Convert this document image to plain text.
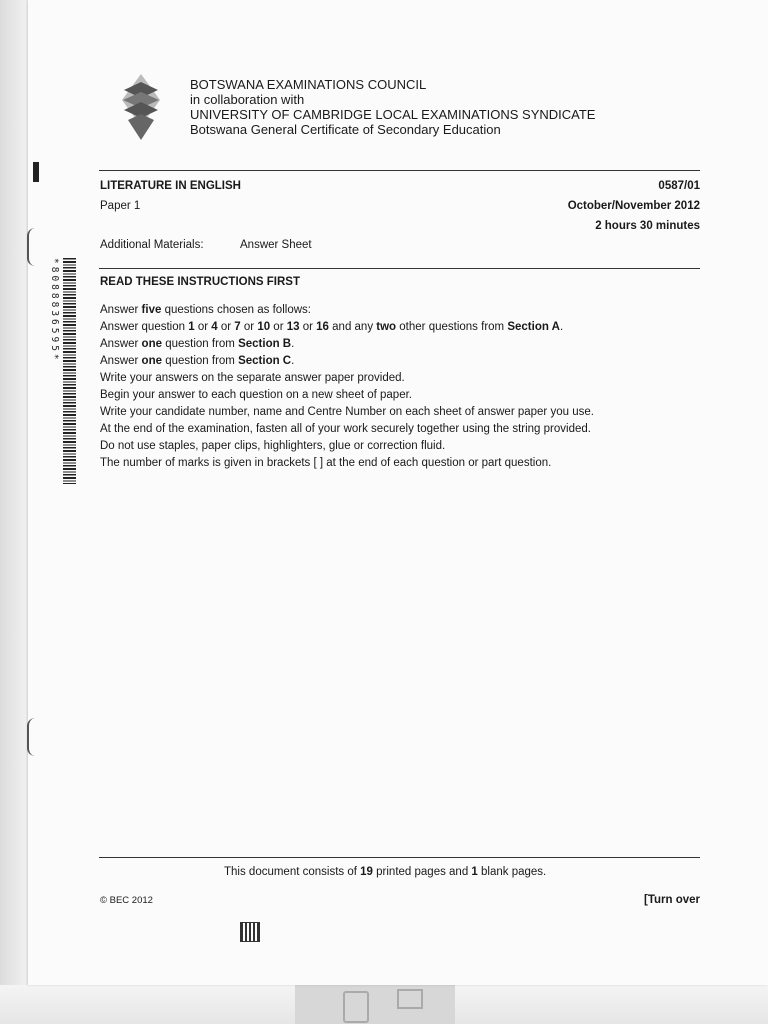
BOTSWANA EXAMINATIONS COUNCIL
in collaboration with
UNIVERSITY OF CAMBRIDGE LOCAL EXAMINATIONS SYNDICATE
Botswana General Certificate of Secondary Education
LITERATURE IN ENGLISH	0587/01
Paper 1	October/November 2012
2 hours 30 minutes
Additional Materials:	Answer Sheet
READ THESE INSTRUCTIONS FIRST
Answer five questions chosen as follows:
Answer question 1 or 4 or 7 or 10 or 13 or 16 and any two other questions from Section A.
Answer one question from Section B.
Answer one question from Section C.
Write your answers on the separate answer paper provided.
Begin your answer to each question on a new sheet of paper.
Write your candidate number, name and Centre Number on each sheet of answer paper you use.
At the end of the examination, fasten all of your work securely together using the string provided.
Do not use staples, paper clips, highlighters, glue or correction fluid.
The number of marks is given in brackets [ ] at the end of each question or part question.
*8088836595*
This document consists of 19 printed pages and 1 blank pages.
© BEC 2012	[Turn over
